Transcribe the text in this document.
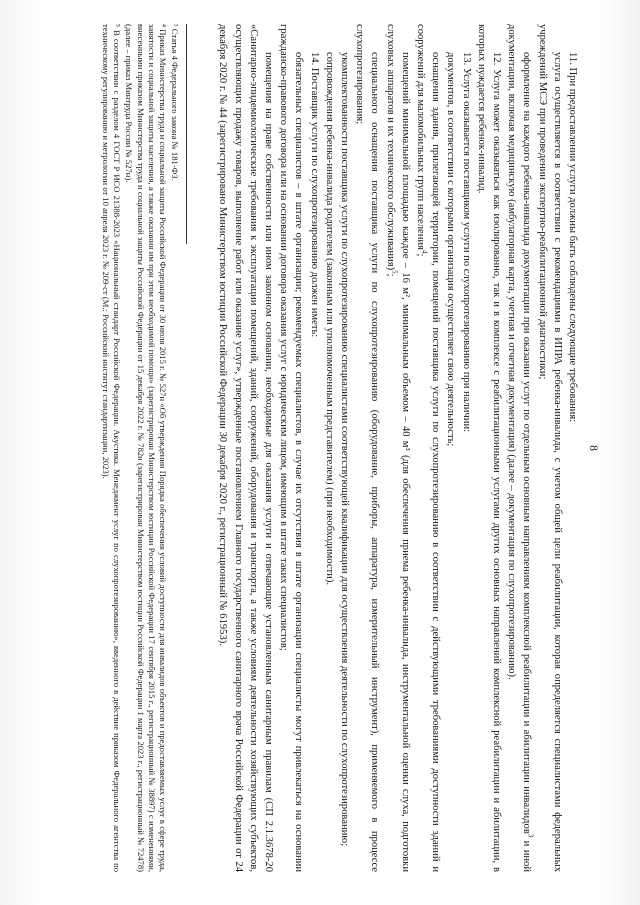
8

11. При предоставлении услуги должны быть соблюдены следующие требования:

услуга осуществляется в соответствии с рекомендациями в ИПРА ребенка-инвалида, с учетом общей цели реабилитации, которая определяется специалистами федеральных учреждений МСЭ при проведении экспертно-реабилитационной диагностики;

оформление на каждого ребенка-инвалида документации при оказании услуг по отдельным основным направлениям комплексной реабилитации и абилитации инвалидов$^3$ и иной документации, включая медицинскую (амбулаторная карта, учетная и отчетная документация) (далее – документация по слухопротезированию).

12. Услуга может оказываться как изолированно, так и в комплексе с реабилитационными услугами других основных направлений комплексной реабилитации и абилитации, в которых нуждается ребенок-инвалид.

13. Услуга оказывается поставщиком услуги по слухопротезированию при наличии:

документов, в соответствии с которыми организация осуществляет свою деятельность;

оснащения здания, прилегающей территории, помещений поставщика услуги по слухопротезированию в соответствии с действующими требованиями доступности зданий и сооружений для маломобильных групп населения$^4$;

помещений минимальной площадью каждое – 16 м², минимальным объемом – 40 м³ (для обеспечения приема ребенка-инвалида, инструментальной оценки слуха, подготовки слуховых аппаратов и их технического обслуживания)$^5$;

специального оснащения поставщика услуги по слухопротезированию (оборудование, приборы, аппаратура, измерительный инструмент), применяемого в процессе слухопротезирования;

укомплектованности поставщика услуги по слухопротезированию специалистами соответствующей квалификации для осуществления деятельности по слухопротезированию;

сопровождения ребенка-инвалида родителем (законным или уполномоченным представителем) (при необходимости).

14. Поставщик услуги по слухопротезированию должен иметь:

обязательных специалистов – в штате организации; рекомендуемых специалистов, в случае их отсутствия в штате организации специалисты могут привлекаться на основании гражданско-правового договора или на основании договора оказания услуг с юридическим лицом, имеющим в штате таких специалистов;

помещения на праве собственности или ином законном основании, необходимые для оказания услуги и отвечающие установленным санитарным правилам (СП 2.1.3678-20 «Санитарно-эпидемиологические требования к эксплуатации помещений, зданий, сооружений, оборудования и транспорта, а также условиям деятельности хозяйствующих субъектов, осуществляющих продажу товаров, выполнение работ или оказание услуг», утвержденные постановлением Главного государственного санитарного врача Российской Федерации от 24 декабря 2020 г. № 44 (зарегистрировано Министерством юстиции Российской Федерации 30 декабря 2020 г., регистрационный № 61953).

³ Статья 4 Федерального закона № 181-ФЗ.

⁴ Приказ Министерства труда и социальной защиты Российской Федерации от 30 июля 2015 г. № 527н «Об утверждении Порядка обеспечения условий доступности для инвалидов объектов и предоставляемых услуг в сфере труда, занятости и социальной защиты населения, а также оказания им при этом необходимой помощи» (зарегистрирован Министерством юстиции Российской Федерации 17 сентября 2015 г., регистрационный № 38897) с изменениями, внесенными приказом Министерства труда и социальной защиты Российской Федерации от 15 декабря 2022 г. № 782н (зарегистрирован Министерством юстиции Российской Федерации 1 марта 2023 г., регистрационный № 72478) (далее – приказ Минтруда России № 527н).

⁵ В соответствии с разделом 4 ГОСТ Р ИСО 21388-2023 «Национальный стандарт Российской Федерации. Акустика. Менеджмент услуг по слухопротезированию», введенного в действие приказом Федерального агентства по техническому регулированию и метрологии от 10 апреля 2023 г. № 209-ст (М.: Российский институт стандартизации, 2023).
